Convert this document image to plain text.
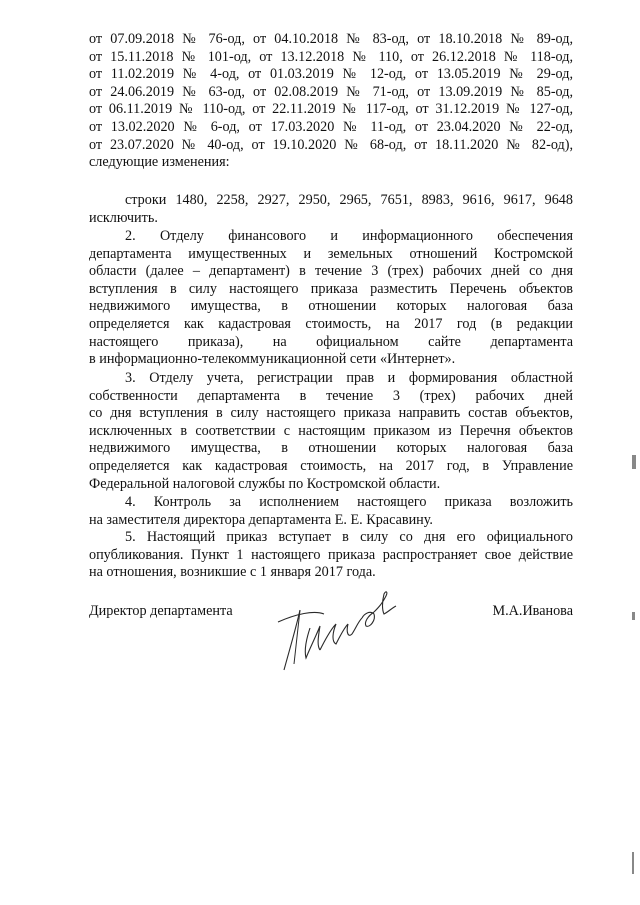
от 07.09.2018 № 76-од, от 04.10.2018 № 83-од, от 18.10.2018 № 89-од,
от 15.11.2018 № 101-од, от 13.12.2018 № 110, от 26.12.2018 № 118-од,
от 11.02.2019 № 4-од, от 01.03.2019 № 12-од, от 13.05.2019 № 29-од,
от 24.06.2019 № 63-од, от 02.08.2019 № 71-од, от 13.09.2019 № 85-од,
от 06.11.2019 № 110-од, от 22.11.2019 № 117-од, от 31.12.2019 № 127-од,
от 13.02.2020 № 6-од, от 17.03.2020 № 11-од, от 23.04.2020 № 22-од,
от 23.07.2020 № 40-од, от 19.10.2020 № 68-од, от 18.11.2020 № 82-од),
следующие изменения:
строки 1480, 2258, 2927, 2950, 2965, 7651, 8983, 9616, 9617, 9648
исключить.
2. Отделу финансового и информационного обеспечения
департамента имущественных и земельных отношений Костромской
области (далее – департамент) в течение 3 (трех) рабочих дней со дня
вступления в силу настоящего приказа разместить Перечень объектов
недвижимого имущества, в отношении которых налоговая база
определяется как кадастровая стоимость, на 2017 год (в редакции
настоящего приказа), на официальном сайте департамента
в информационно-телекоммуникационной сети «Интернет».
3. Отделу учета, регистрации прав и формирования областной
собственности департамента в течение 3 (трех) рабочих дней
со дня вступления в силу настоящего приказа направить состав объектов,
исключенных в соответствии с настоящим приказом из Перечня объектов
недвижимого имущества, в отношении которых налоговая база
определяется как кадастровая стоимость, на 2017 год, в Управление
Федеральной налоговой службы по Костромской области.
4. Контроль за исполнением настоящего приказа возложить
на заместителя директора департамента Е. Е. Красавину.
5. Настоящий приказ вступает в силу со дня его официального
опубликования. Пункт 1 настоящего приказа распространяет свое действие
на отношения, возникшие с 1 января 2017 года.
Директор департамента	М.А.Иванова
